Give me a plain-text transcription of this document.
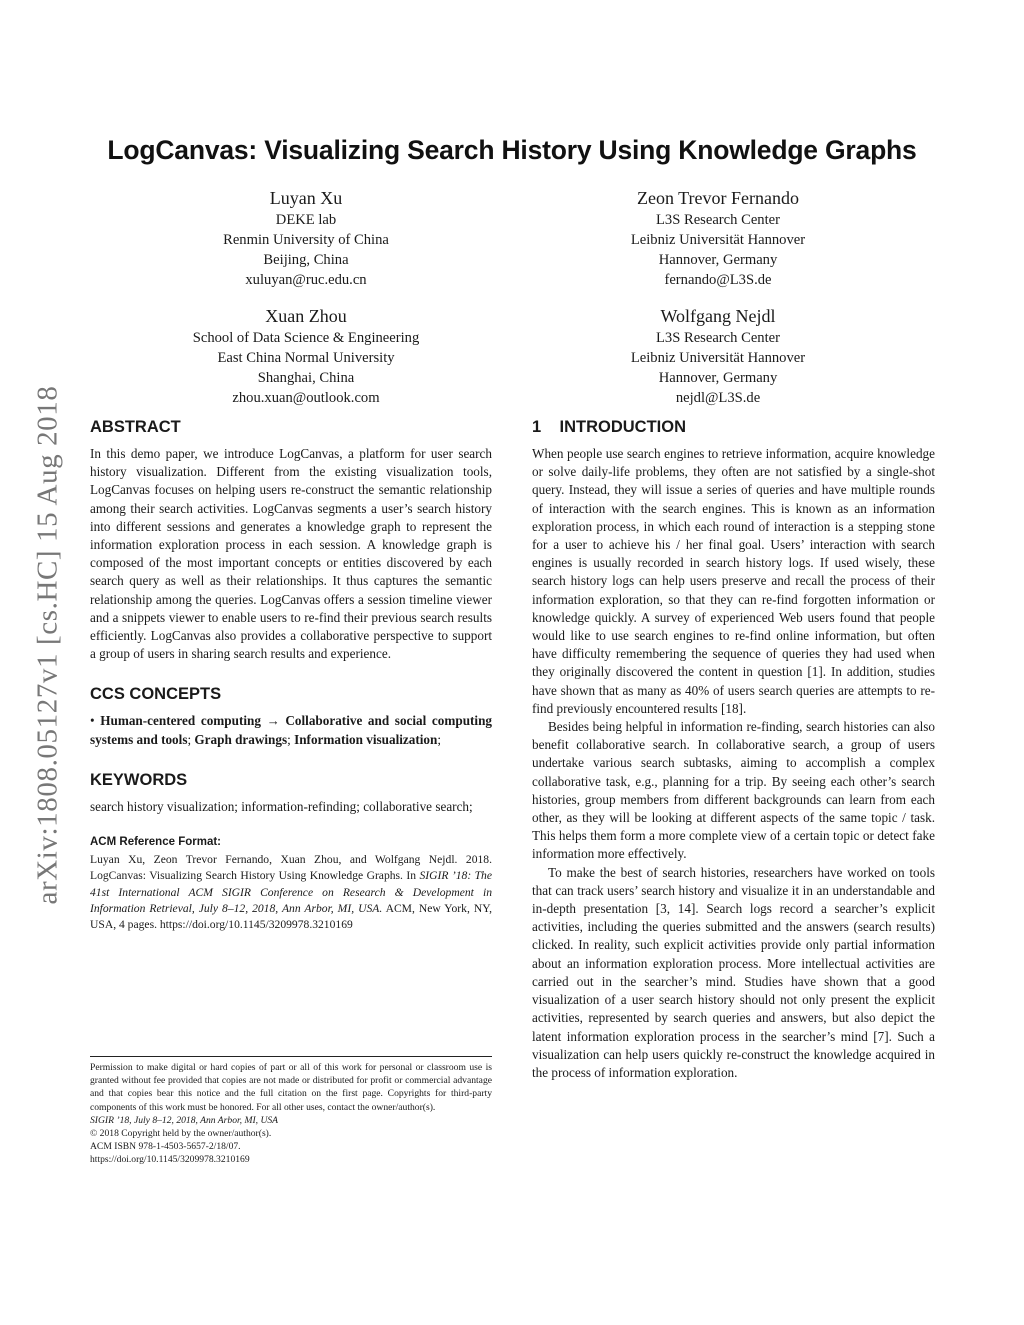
LogCanvas: Visualizing Search History Using Knowledge Graphs
arXiv:1808.05127v1 [cs.HC] 15 Aug 2018
Luyan Xu
DEKE lab
Renmin University of China
Beijing, China
xuluyan@ruc.edu.cn
Zeon Trevor Fernando
L3S Research Center
Leibniz Universität Hannover
Hannover, Germany
fernando@L3S.de
Xuan Zhou
School of Data Science & Engineering
East China Normal University
Shanghai, China
zhou.xuan@outlook.com
Wolfgang Nejdl
L3S Research Center
Leibniz Universität Hannover
Hannover, Germany
nejdl@L3S.de
ABSTRACT

In this demo paper, we introduce LogCanvas, a platform for user search history visualization. Different from the existing visualization tools, LogCanvas focuses on helping users re-construct the semantic relationship among their search activities. LogCanvas segments a user’s search history into different sessions and generates a knowledge graph to represent the information exploration process in each session. A knowledge graph is composed of the most important concepts or entities discovered by each search query as well as their relationships. It thus captures the semantic relationship among the queries. LogCanvas offers a session timeline viewer and a snippets viewer to enable users to re-find their previous search results efficiently. LogCanvas also provides a collaborative perspective to support a group of users in sharing search results and experience.

CCS CONCEPTS

• Human-centered computing → Collaborative and social computing systems and tools; Graph drawings; Information visualization;

KEYWORDS

search history visualization; information-refinding; collaborative search;

ACM Reference Format:

Luyan Xu, Zeon Trevor Fernando, Xuan Zhou, and Wolfgang Nejdl. 2018. LogCanvas: Visualizing Search History Using Knowledge Graphs. In SIGIR ’18: The 41st International ACM SIGIR Conference on Research & Development in Information Retrieval, July 8–12, 2018, Ann Arbor, MI, USA. ACM, New York, NY, USA, 4 pages. https://doi.org/10.1145/3209978.3210169

Permission to make digital or hard copies of part or all of this work for personal or classroom use is granted without fee provided that copies are not made or distributed for profit or commercial advantage and that copies bear this notice and the full citation on the first page. Copyrights for third-party components of this work must be honored. For all other uses, contact the owner/author(s).

SIGIR ’18, July 8–12, 2018, Ann Arbor, MI, USA

© 2018 Copyright held by the owner/author(s).

ACM ISBN 978-1-4503-5657-2/18/07.

https://doi.org/10.1145/3209978.3210169

1    INTRODUCTION

When people use search engines to retrieve information, acquire knowledge or solve daily-life problems, they often are not satisfied by a single-shot query. Instead, they will issue a series of queries and have multiple rounds of interaction with the search engines. This is known as an information exploration process, in which each round of interaction is a stepping stone for a user to achieve his / her final goal. Users’ interaction with search engines is usually recorded in search history logs. If used wisely, these search history logs can help users preserve and recall the process of their information exploration, so that they can re-find forgotten information or knowledge quickly. A survey of experienced Web users found that people would like to use search engines to re-find online information, but often have difficulty remembering the sequence of queries they had used when they originally discovered the content in question [1]. In addition, studies have shown that as many as 40% of users search queries are attempts to re-find previously encountered results [18].

Besides being helpful in information re-finding, search histories can also benefit collaborative search. In collaborative search, a group of users undertake various search subtasks, aiming to accomplish a complex collaborative task, e.g., planning for a trip. By seeing each other’s search histories, group members from different backgrounds can learn from each other, as they will be looking at different aspects of the same topic / task. This helps them form a more complete view of a certain topic or detect fake information more effectively.

To make the best of search histories, researchers have worked on tools that can track users’ search history and visualize it in an understandable and in-depth presentation [3, 14]. Search logs record a searcher’s explicit activities, including the queries submitted and the answers (search results) clicked. In reality, such explicit activities provide only partial information about an information exploration process. More intellectual activities are carried out in the searcher’s mind. Studies have shown that a good visualization of a user search history should not only present the explicit activities, represented by search queries and answers, but also depict the latent information exploration process in the searcher’s mind [7]. Such a visualization can help users quickly re-construct the knowledge acquired in the process of information exploration.
